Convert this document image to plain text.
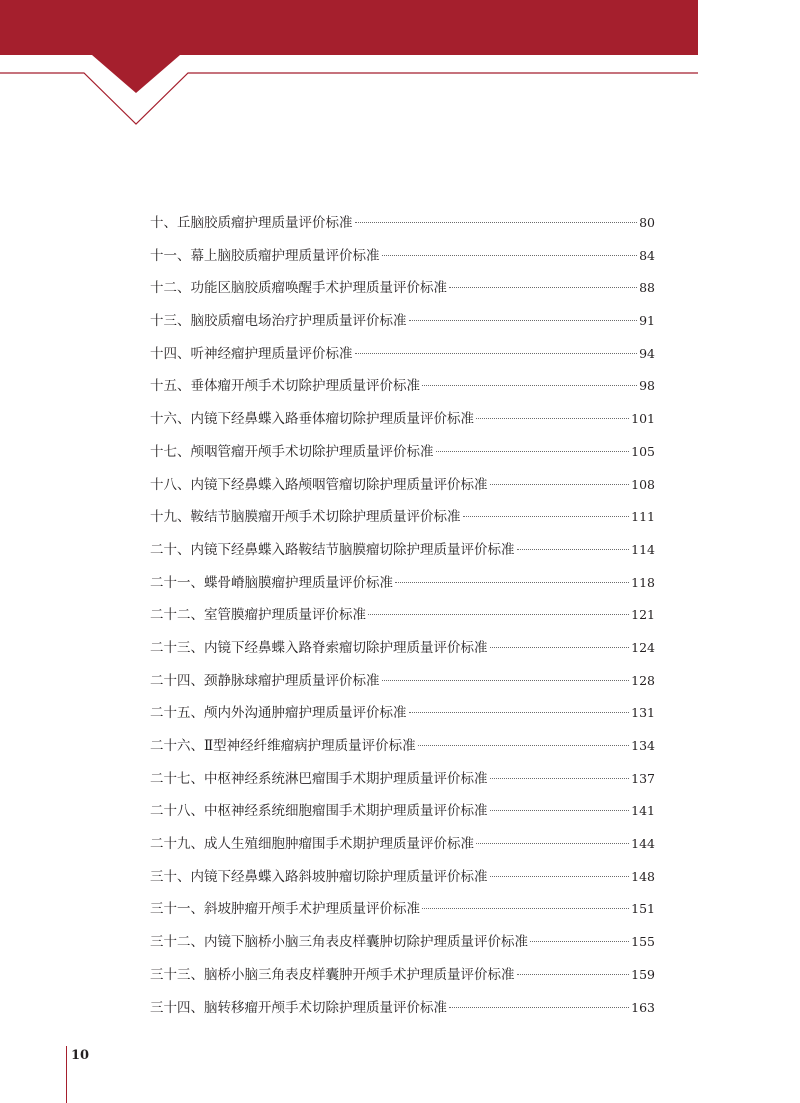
十、丘脑胶质瘤护理质量评价标准	80
十一、幕上脑胶质瘤护理质量评价标准	84
十二、功能区脑胶质瘤唤醒手术护理质量评价标准	88
十三、脑胶质瘤电场治疗护理质量评价标准	91
十四、听神经瘤护理质量评价标准	94
十五、垂体瘤开颅手术切除护理质量评价标准	98
十六、内镜下经鼻蝶入路垂体瘤切除护理质量评价标准	101
十七、颅咽管瘤开颅手术切除护理质量评价标准	105
十八、内镜下经鼻蝶入路颅咽管瘤切除护理质量评价标准	108
十九、鞍结节脑膜瘤开颅手术切除护理质量评价标准	111
二十、内镜下经鼻蝶入路鞍结节脑膜瘤切除护理质量评价标准	114
二十一、蝶骨嵴脑膜瘤护理质量评价标准	118
二十二、室管膜瘤护理质量评价标准	121
二十三、内镜下经鼻蝶入路脊索瘤切除护理质量评价标准	124
二十四、颈静脉球瘤护理质量评价标准	128
二十五、颅内外沟通肿瘤护理质量评价标准	131
二十六、Ⅱ型神经纤维瘤病护理质量评价标准	134
二十七、中枢神经系统淋巴瘤围手术期护理质量评价标准	137
二十八、中枢神经系统细胞瘤围手术期护理质量评价标准	141
二十九、成人生殖细胞肿瘤围手术期护理质量评价标准	144
三十、内镜下经鼻蝶入路斜坡肿瘤切除护理质量评价标准	148
三十一、斜坡肿瘤开颅手术护理质量评价标准	151
三十二、内镜下脑桥小脑三角表皮样囊肿切除护理质量评价标准	155
三十三、脑桥小脑三角表皮样囊肿开颅手术护理质量评价标准	159
三十四、脑转移瘤开颅手术切除护理质量评价标准	163
10
